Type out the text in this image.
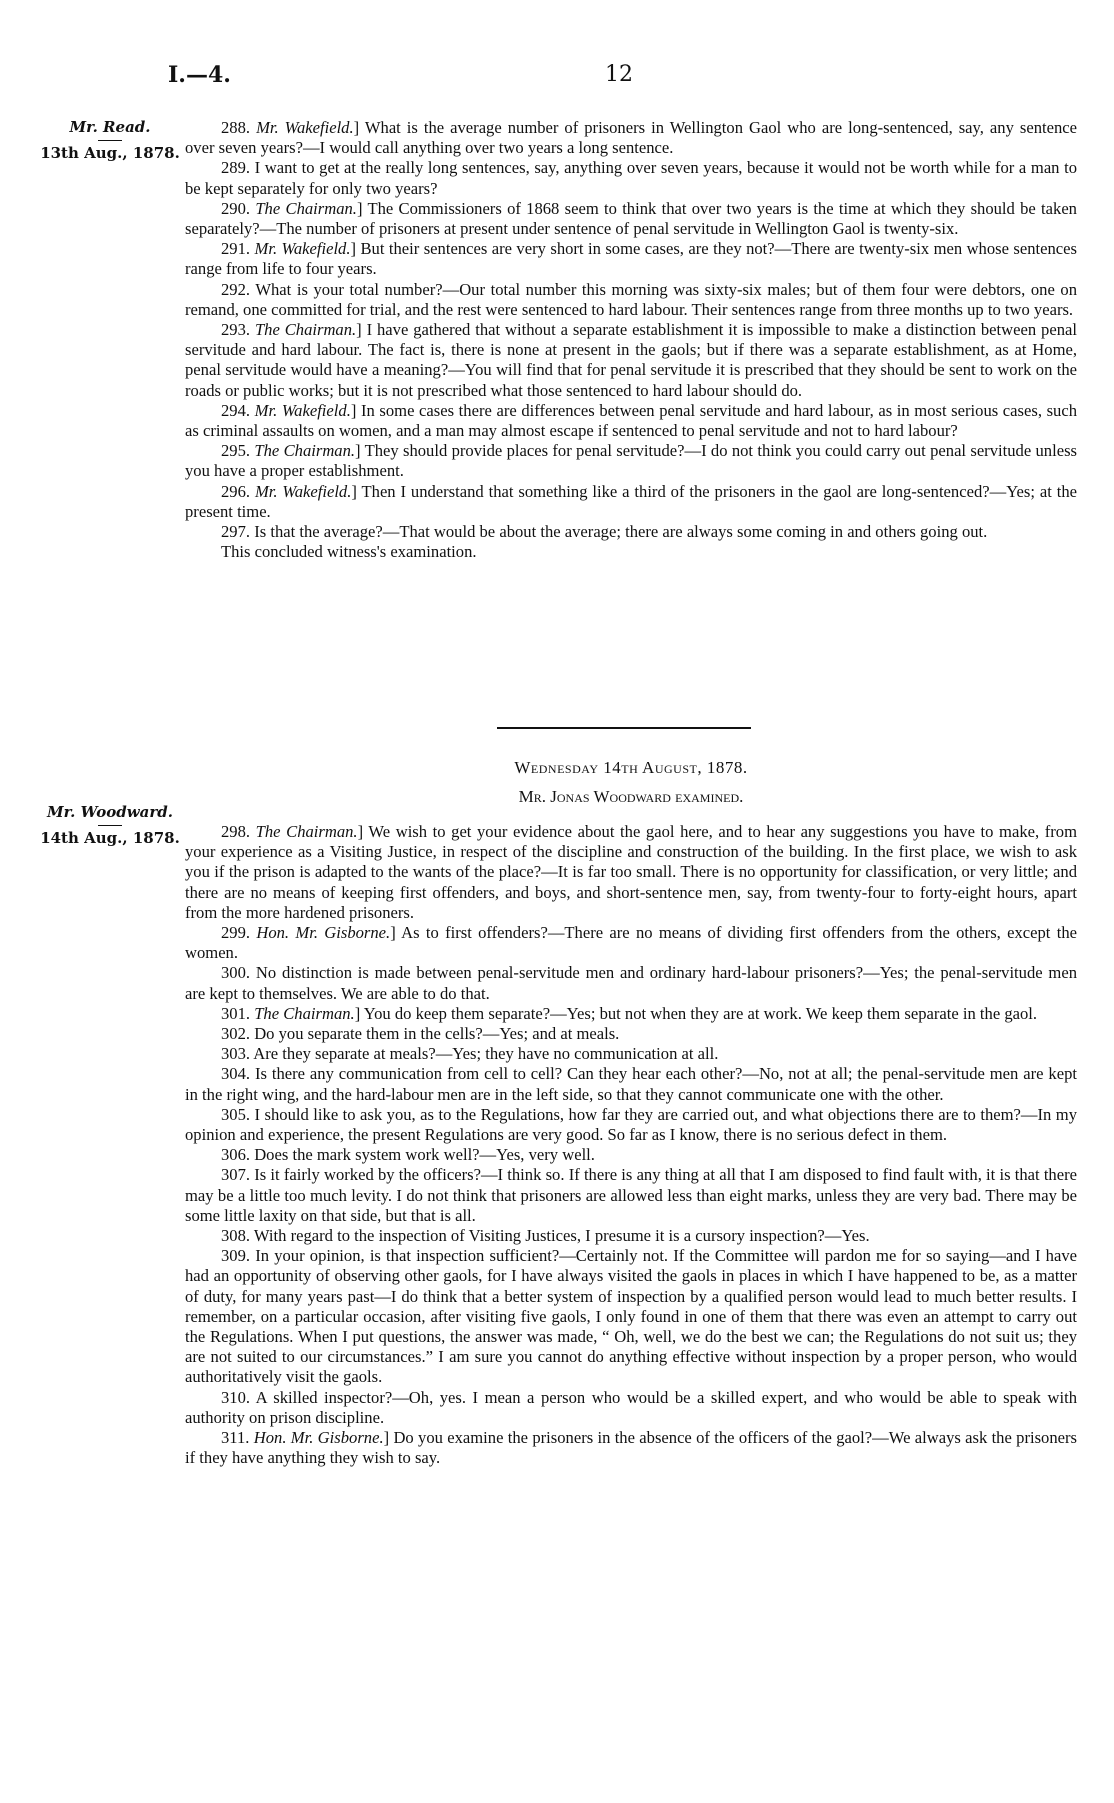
I.—4.	12
Mr. Read.
13th Aug., 1878.

288. Mr. Wakefield.] What is the average number of prisoners in Wellington Gaol who are long-sentenced, say, any sentence over seven years?—I would call anything over two years a long sentence.

289. I want to get at the really long sentences, say, anything over seven years, because it would not be worth while for a man to be kept separately for only two years?

290. The Chairman.] The Commissioners of 1868 seem to think that over two years is the time at which they should be taken separately?—The number of prisoners at present under sentence of penal servitude in Wellington Gaol is twenty-six.

291. Mr. Wakefield.] But their sentences are very short in some cases, are they not?—There are twenty-six men whose sentences range from life to four years.

292. What is your total number?—Our total number this morning was sixty-six males; but of them four were debtors, one on remand, one committed for trial, and the rest were sentenced to hard labour. Their sentences range from three months up to two years.

293. The Chairman.] I have gathered that without a separate establishment it is impossible to make a distinction between penal servitude and hard labour. The fact is, there is none at present in the gaols; but if there was a separate establishment, as at Home, penal servitude would have a meaning?—You will find that for penal servitude it is prescribed that they should be sent to work on the roads or public works; but it is not prescribed what those sentenced to hard labour should do.

294. Mr. Wakefield.] In some cases there are differences between penal servitude and hard labour, as in most serious cases, such as criminal assaults on women, and a man may almost escape if sentenced to penal servitude and not to hard labour?

295. The Chairman.] They should provide places for penal servitude?—I do not think you could carry out penal servitude unless you have a proper establishment.

296. Mr. Wakefield.] Then I understand that something like a third of the prisoners in the gaol are long-sentenced?—Yes; at the present time.

297. Is that the average?—That would be about the average; there are always some coming in and others going out.

This concluded witness's examination.

Wednesday 14th August, 1878.
Mr. Jonas Woodward examined.
Mr. Woodward.
14th Aug., 1878.	298. The Chairman.] We wish to get your evidence about the gaol here, and to hear any suggestions you have to make, from your experience as a Visiting Justice, in respect of the discipline and construction of the building. In the first place, we wish to ask you if the prison is adapted to the wants of the place?—It is far too small. There is no opportunity for classification, or very little; and there are no means of keeping first offenders, and boys, and short-sentence men, say, from twenty-four to forty-eight hours, apart from the more hardened prisoners.

299. Hon. Mr. Gisborne.] As to first offenders?—There are no means of dividing first offenders from the others, except the women.

300. No distinction is made between penal-servitude men and ordinary hard-labour prisoners?—Yes; the penal-servitude men are kept to themselves. We are able to do that.

301. The Chairman.] You do keep them separate?—Yes; but not when they are at work. We keep them separate in the gaol.

302. Do you separate them in the cells?—Yes; and at meals.

303. Are they separate at meals?—Yes; they have no communication at all.

304. Is there any communication from cell to cell? Can they hear each other?—No, not at all; the penal-servitude men are kept in the right wing, and the hard-labour men are in the left side, so that they cannot communicate one with the other.

305. I should like to ask you, as to the Regulations, how far they are carried out, and what objections there are to them?—In my opinion and experience, the present Regulations are very good. So far as I know, there is no serious defect in them.

306. Does the mark system work well?—Yes, very well.

307. Is it fairly worked by the officers?—I think so. If there is any thing at all that I am disposed to find fault with, it is that there may be a little too much levity. I do not think that prisoners are allowed less than eight marks, unless they are very bad. There may be some little laxity on that side, but that is all.

308. With regard to the inspection of Visiting Justices, I presume it is a cursory inspection?—Yes.

309. In your opinion, is that inspection sufficient?—Certainly not. If the Committee will pardon me for so saying—and I have had an opportunity of observing other gaols, for I have always visited the gaols in places in which I have happened to be, as a matter of duty, for many years past—I do think that a better system of inspection by a qualified person would lead to much better results. I remember, on a particular occasion, after visiting five gaols, I only found in one of them that there was even an attempt to carry out the Regulations. When I put questions, the answer was made, “ Oh, well, we do the best we can; the Regulations do not suit us; they are not suited to our circumstances.” I am sure you cannot do anything effective without inspection by a proper person, who would authoritatively visit the gaols.

310. A skilled inspector?—Oh, yes. I mean a person who would be a skilled expert, and who would be able to speak with authority on prison discipline.

311. Hon. Mr. Gisborne.] Do you examine the prisoners in the absence of the officers of the gaol?—We always ask the prisoners if they have anything they wish to say.
